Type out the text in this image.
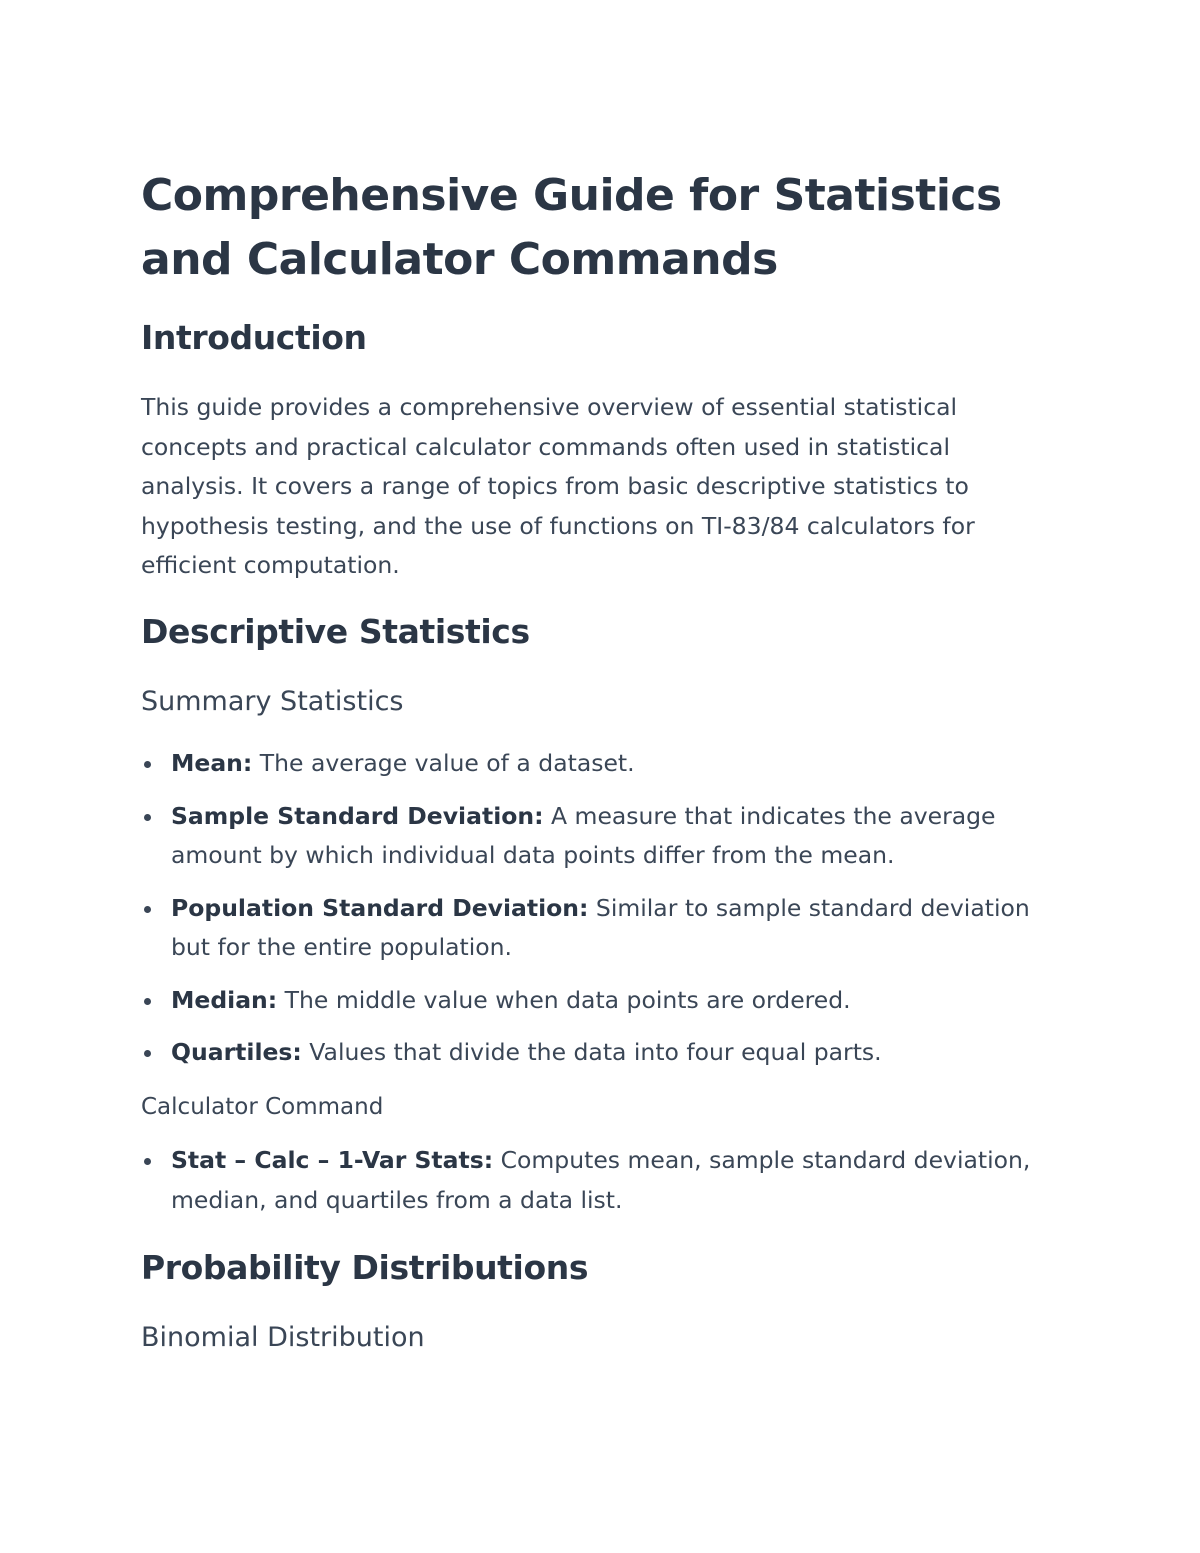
Comprehensive Guide for Statistics and Calculator Commands
Introduction

This guide provides a comprehensive overview of essential statistical concepts and practical calculator commands often used in statistical analysis. It covers a range of topics from basic descriptive statistics to hypothesis testing, and the use of functions on TI-83/84 calculators for efficient computation.

Descriptive Statistics
Summary Statistics
Mean: The average value of a dataset.
Sample Standard Deviation: A measure that indicates the average amount by which individual data points differ from the mean.
Population Standard Deviation: Similar to sample standard deviation but for the entire population.
Median: The middle value when data points are ordered.
Quartiles: Values that divide the data into four equal parts.
Calculator Command
Stat – Calc – 1-Var Stats: Computes mean, sample standard deviation, median, and quartiles from a data list.
Probability Distributions
Binomial Distribution
